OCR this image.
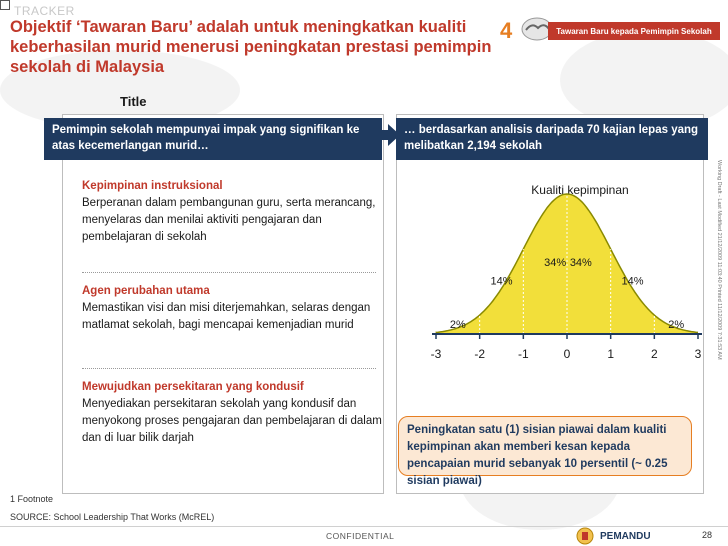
TRACKER
Objektif ‘Tawaran Baru’ adalah untuk meningkatkan kualiti keberhasilan murid menerusi peningkatan prestasi pemimpin sekolah di Malaysia
Title
4	Tawaran Baru kepada Pemimpin Sekolah
Pemimpin sekolah mempunyai impak yang signifikan ke atas kecemerlangan murid…
Kepimpinan instruksional
Berperanan dalam pembangunan guru, serta merancang, menyelaras dan menilai aktiviti pengajaran dan pembelajaran di sekolah
Agen perubahan utama
Memastikan visi dan misi diterjemahkan, selaras dengan matlamat sekolah, bagi mencapai kemenjadian murid
Mewujudkan persekitaran yang kondusif
Menyediakan persekitaran sekolah yang kondusif dan menyokong proses pengajaran dan pembelajaran di dalam dan di luar bilik darjah
… berdasarkan analisis daripada 70 kajian lepas yang melibatkan 2,194 sekolah
Kualiti kepimpinan
-3	-2	-1	0	1	2	3
2%
14%
34% 34%
14%
2%	Working Draft - Last Modified 21/12/2009 11:03:40 Printed 11/12/2009 7:31:53 AM
Peningkatan satu (1) sisian piawai dalam kualiti kepimpinan akan memberi kesan kepada pencapaian murid sebanyak 10 persentil (~ 0.25 sisian piawai)
1 Footnote
SOURCE: School Leadership That Works (McREL)
CONFIDENTIAL	PEMANDU	28
